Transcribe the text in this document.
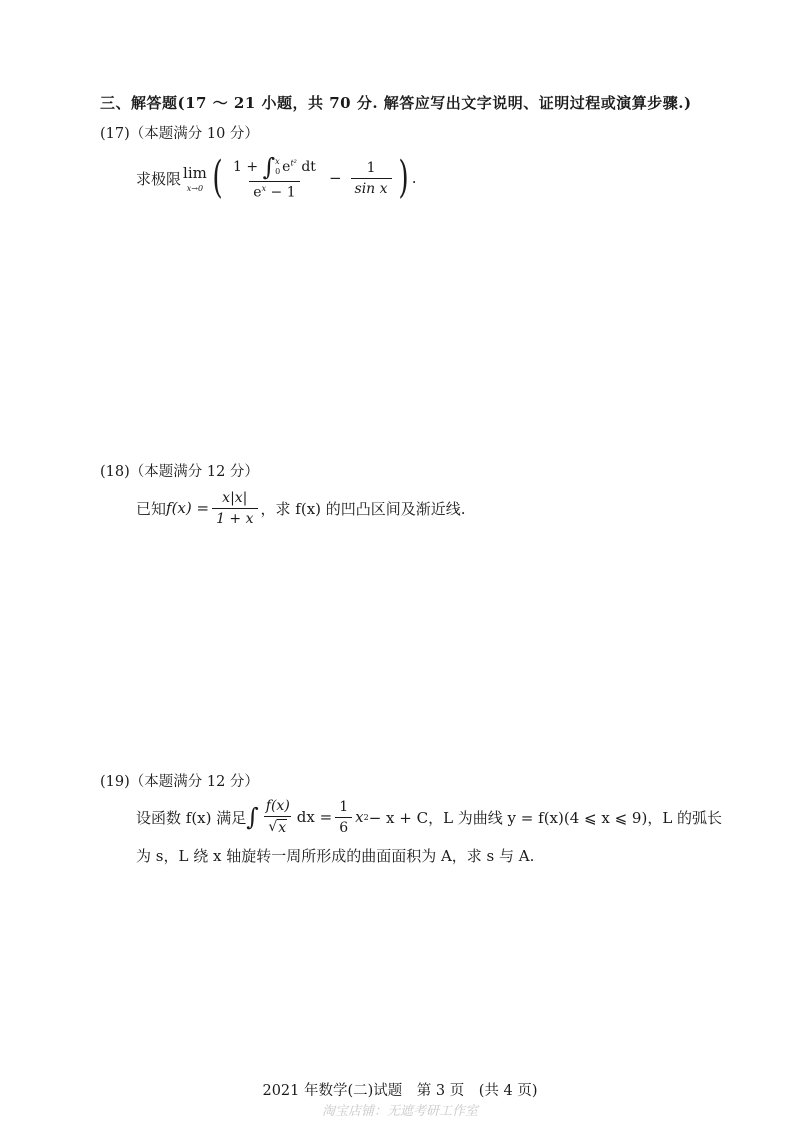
三、解答题(17 ～ 21 小题，共 70 分. 解答应写出文字说明、证明过程或演算步骤.)
(17)（本题满分 10 分）
求极限 lim
x→0 ( 1 + ∫ x
0 $e^{t^2}$ dt
$e^x - 1 - \frac{1}{\text{sin x}}$ ) .
(18)（本题满分 12 分）
已知 $f(x) = \frac{x|x|}{1 + x}$ ，求 f(x) 的凹凸区间及渐近线.
(19)（本题满分 12 分）
设函数 f(x) 满足 ∫ $\frac{f(x)}{√ x}$ dx = $\frac{1}{6}$ x 2 − x + C，L 为曲线 y = f(x)(4 ⩽ x ⩽ 9)，L 的弧长
为 s，L 绕 x 轴旋转一周所形成的曲面面积为 A，求 s 与 A.
2021 年数学(二)试题　第 3 页　(共 4 页)
淘宝店铺：无遮考研工作室
